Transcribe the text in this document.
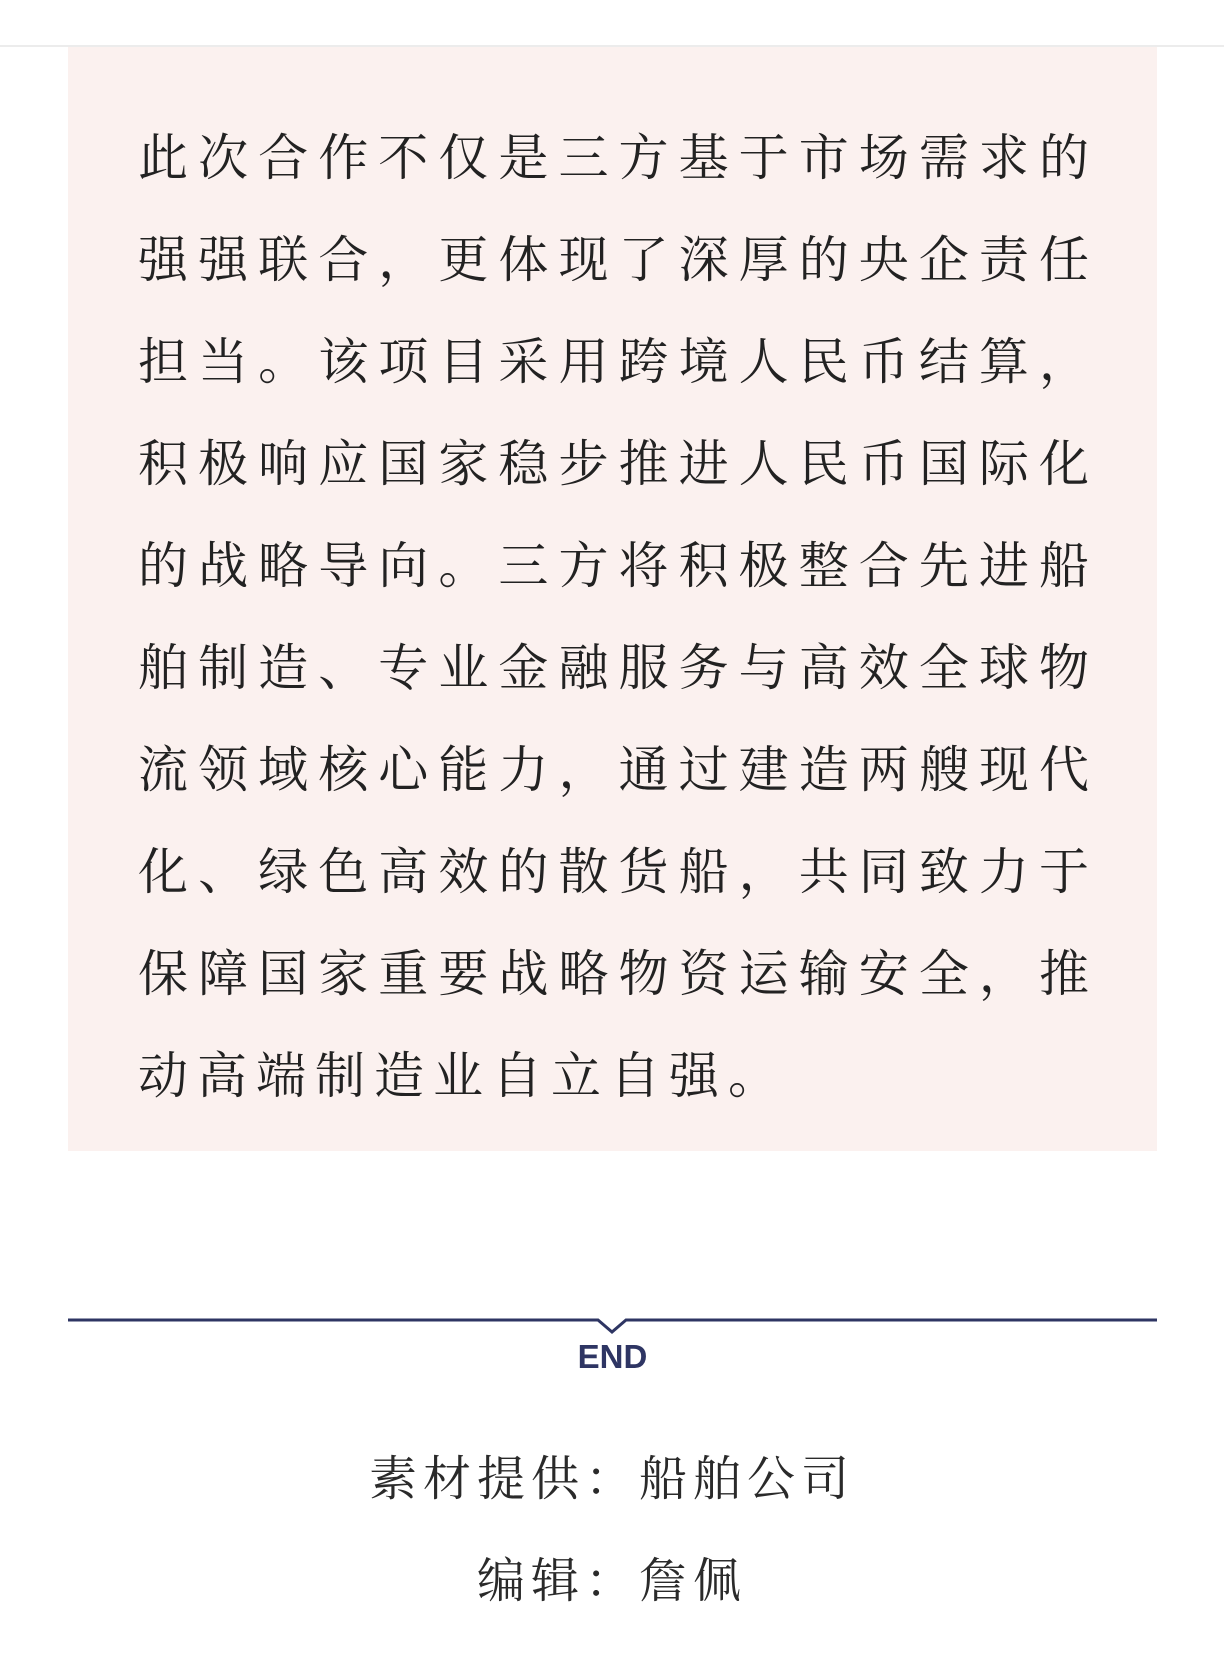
此次合作不仅是三方基于市场需求的强强联合，更体现了深厚的央企责任担当。该项目采用跨境人民币结算，积极响应国家稳步推进人民币国际化的战略导向。三方将积极整合先进船舶制造、专业金融服务与高效全球物流领域核心能力，通过建造两艘现代化、绿色高效的散货船，共同致力于保障国家重要战略物资运输安全，推动高端制造业自立自强。

END
素材提供：船舶公司
编辑：詹佩
